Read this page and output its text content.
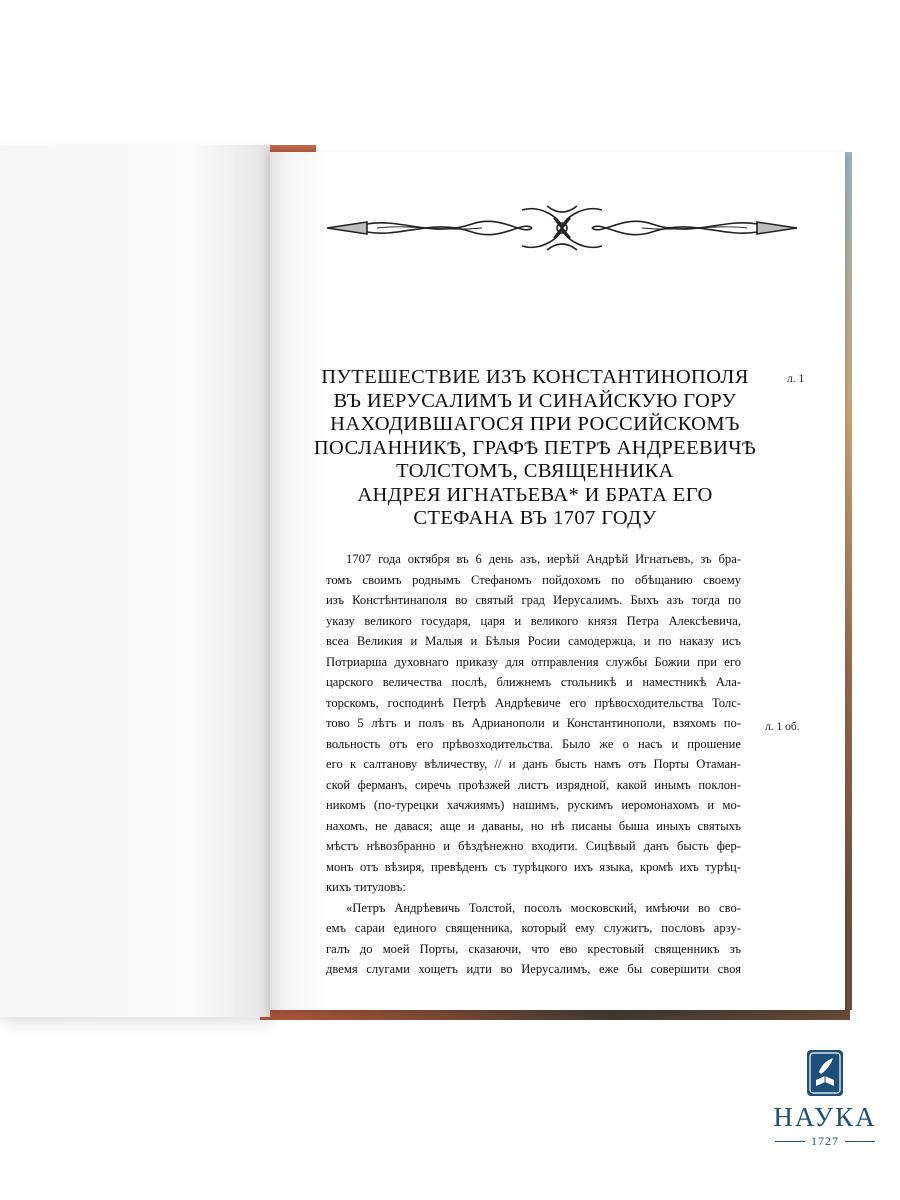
ПУТЕШЕСТВИЕ ИЗЪ КОНСТАНТИНОПОЛЯ
ВЪ ИЕРУСАЛИМЪ И СИНАЙСКУЮ ГОРУ
НАХОДИВШАГОСЯ ПРИ РОССИЙСКОМЪ
ПОСЛАННИКѢ, ГРАФѢ ПЕТРѢ АНДРЕЕВИЧѢ
ТОЛСТОМЪ, СВЯЩЕННИКА
АНДРЕЯ ИГНАТЬЕВА* И БРАТА ЕГО
СТЕФАНА ВЪ 1707 ГОДУ
л. 1
л. 1 об.
1707 года октября въ 6 день азъ, иерѣй Андрѣй Игнатьевъ, зъ бра-
томъ своимъ роднымъ Стефаномъ пойдохомъ по обѣщанию своему
изъ Констѣнтинаполя во святый град Иерусалимъ. Быхъ азъ тогда по
указу великого государя, царя и великого князя Петра Алексѣевича,
всеа Великия и Малыя и Бѣлыя Росии самодержца, и по наказу исъ
Потриарша духовнаго приказу для отправления службы Божии при его
царского величества послѣ, ближнемъ стольникѣ и наместникѣ Ала-
торскомъ, господинѣ Петрѣ Андрѣевиче его прѣвосходительства Толс-
тово 5 лѣтъ и полъ въ Адрианополи и Константинополи, взяхомъ по-
вольность отъ его прѣвозходительства. Было же о насъ и прошение
его к салтанову вѣличеству, // и данъ бысть намъ отъ Порты Отаман-
ской ферманъ, сиречь проѣзжей листъ изрядной, какой инымъ поклон-
никомъ (по-турецки хачжиямъ) нашимъ, рускимъ иеромонахомъ и мо-
нахомъ, не давася; аще и даваны, но нѣ писаны быша иныхъ святыхъ
мѣстъ нѣвозбранно и бѣздѣнежно входити. Сицѣвый данъ бысть фер-
монъ отъ вѣзиря, превѣденъ съ турѣцкого ихъ языка, кромѣ ихъ турѣц-
кихъ титуловъ:
«Петръ Андрѣевичь Толстой, посолъ московский, имѣючи во сво-
емъ сараи единого священника, который ему служитъ, пословъ арзу-
галъ до моей Порты, сказаючи, что ево крестовый священникъ зъ
двемя слугами хощетъ идти во Иерусалимъ, еже бы совершити своя
НАУКА
1727
